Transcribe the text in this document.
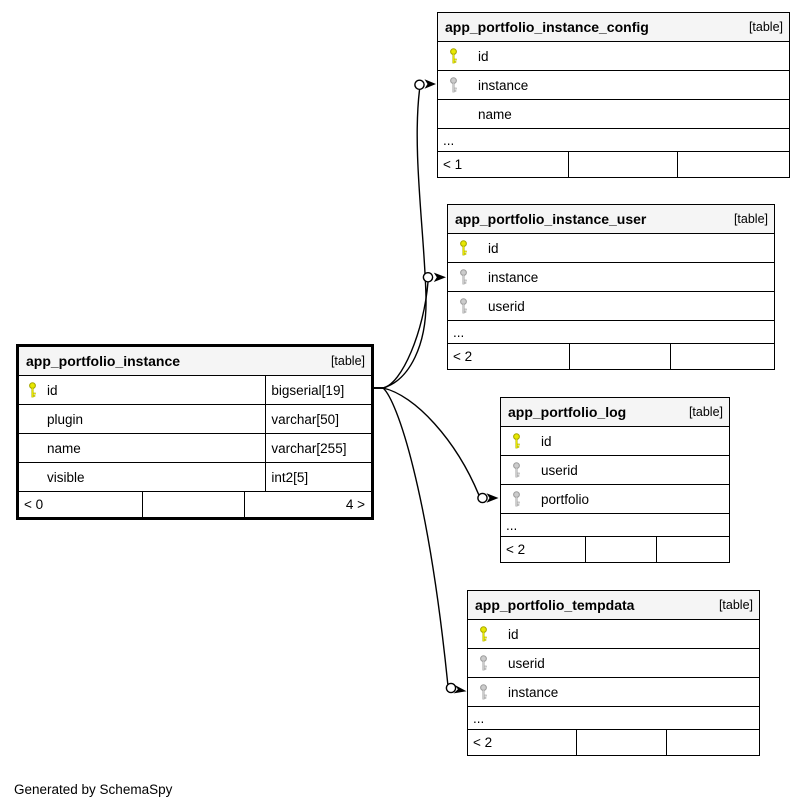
app_portfolio_instance_config	[table]
id
instance
name
...
< 1
app_portfolio_instance_user	[table]
id
instance
userid
...
< 2
app_portfolio_instance	[table]
id	bigserial[19]
plugin	varchar[50]
name	varchar[255]
visible	int2[5]
< 0	4 >
app_portfolio_log	[table]
id
userid
portfolio
...
< 2
app_portfolio_tempdata	[table]
id
userid
instance
...
< 2
Generated by SchemaSpy
